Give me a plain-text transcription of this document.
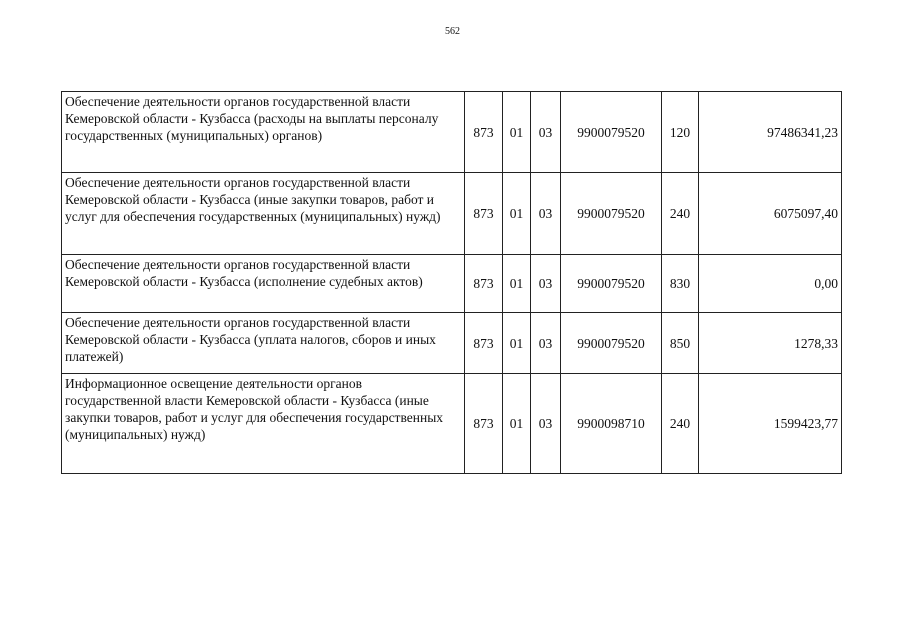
562
Обеспечение деятельности органов государственной власти Кемеровской области - Кузбасса (расходы на выплаты персоналу государственных (муниципальных) органов)	873	01	03	9900079520	120	97486341,23
Обеспечение деятельности органов государственной власти Кемеровской области - Кузбасса (иные закупки товаров, работ и услуг для обеспечения государственных (муниципальных) нужд)	873	01	03	9900079520	240	6075097,40
Обеспечение деятельности органов государственной власти Кемеровской области - Кузбасса (исполнение судебных актов)	873	01	03	9900079520	830	0,00
Обеспечение деятельности органов государственной власти Кемеровской области - Кузбасса (уплата налогов, сборов и иных платежей)	873	01	03	9900079520	850	1278,33
Информационное освещение деятельности органов государственной власти Кемеровской области - Кузбасса (иные закупки товаров, работ и услуг для обеспечения государственных (муниципальных) нужд)	873	01	03	9900098710	240	1599423,77
